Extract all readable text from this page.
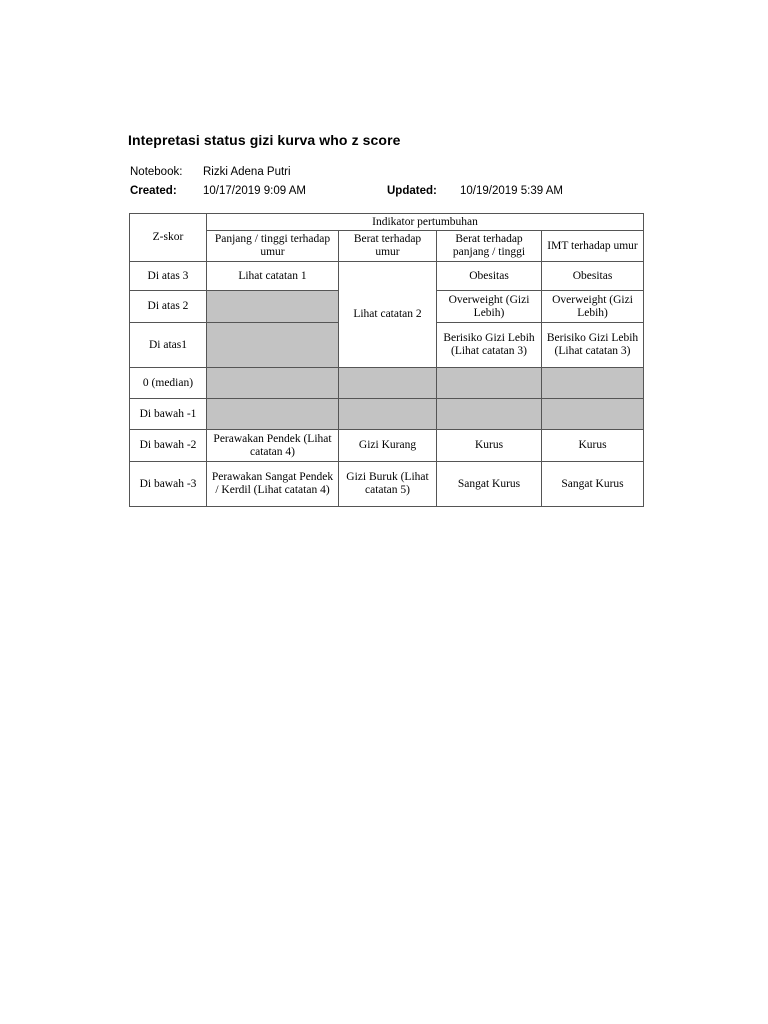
Intepretasi status gizi kurva who z score
Notebook: Rizki Adena Putri
Created: 10/17/2019 9:09 AM	Updated: 10/19/2019 5:39 AM
Z-skor	Indikator pertumbuhan			
	Panjang / tinggi terhadap umur	Berat terhadap umur	Berat terhadap panjang / tinggi	IMT terhadap umur
Di atas 3	Lihat catatan 1	Lihat catatan 2	Obesitas	Obesitas
Di atas 2			Overweight (Gizi Lebih)	Overweight (Gizi Lebih)
Di atas1			Berisiko Gizi Lebih (Lihat catatan 3)	Berisiko Gizi Lebih (Lihat catatan 3)
0 (median)				
Di bawah -1				
Di bawah -2	Perawakan Pendek (Lihat catatan 4)	Gizi Kurang	Kurus	Kurus
Di bawah -3	Perawakan Sangat Pendek / Kerdil (Lihat catatan 4)	Gizi Buruk (Lihat catatan 5)	Sangat Kurus	Sangat Kurus
